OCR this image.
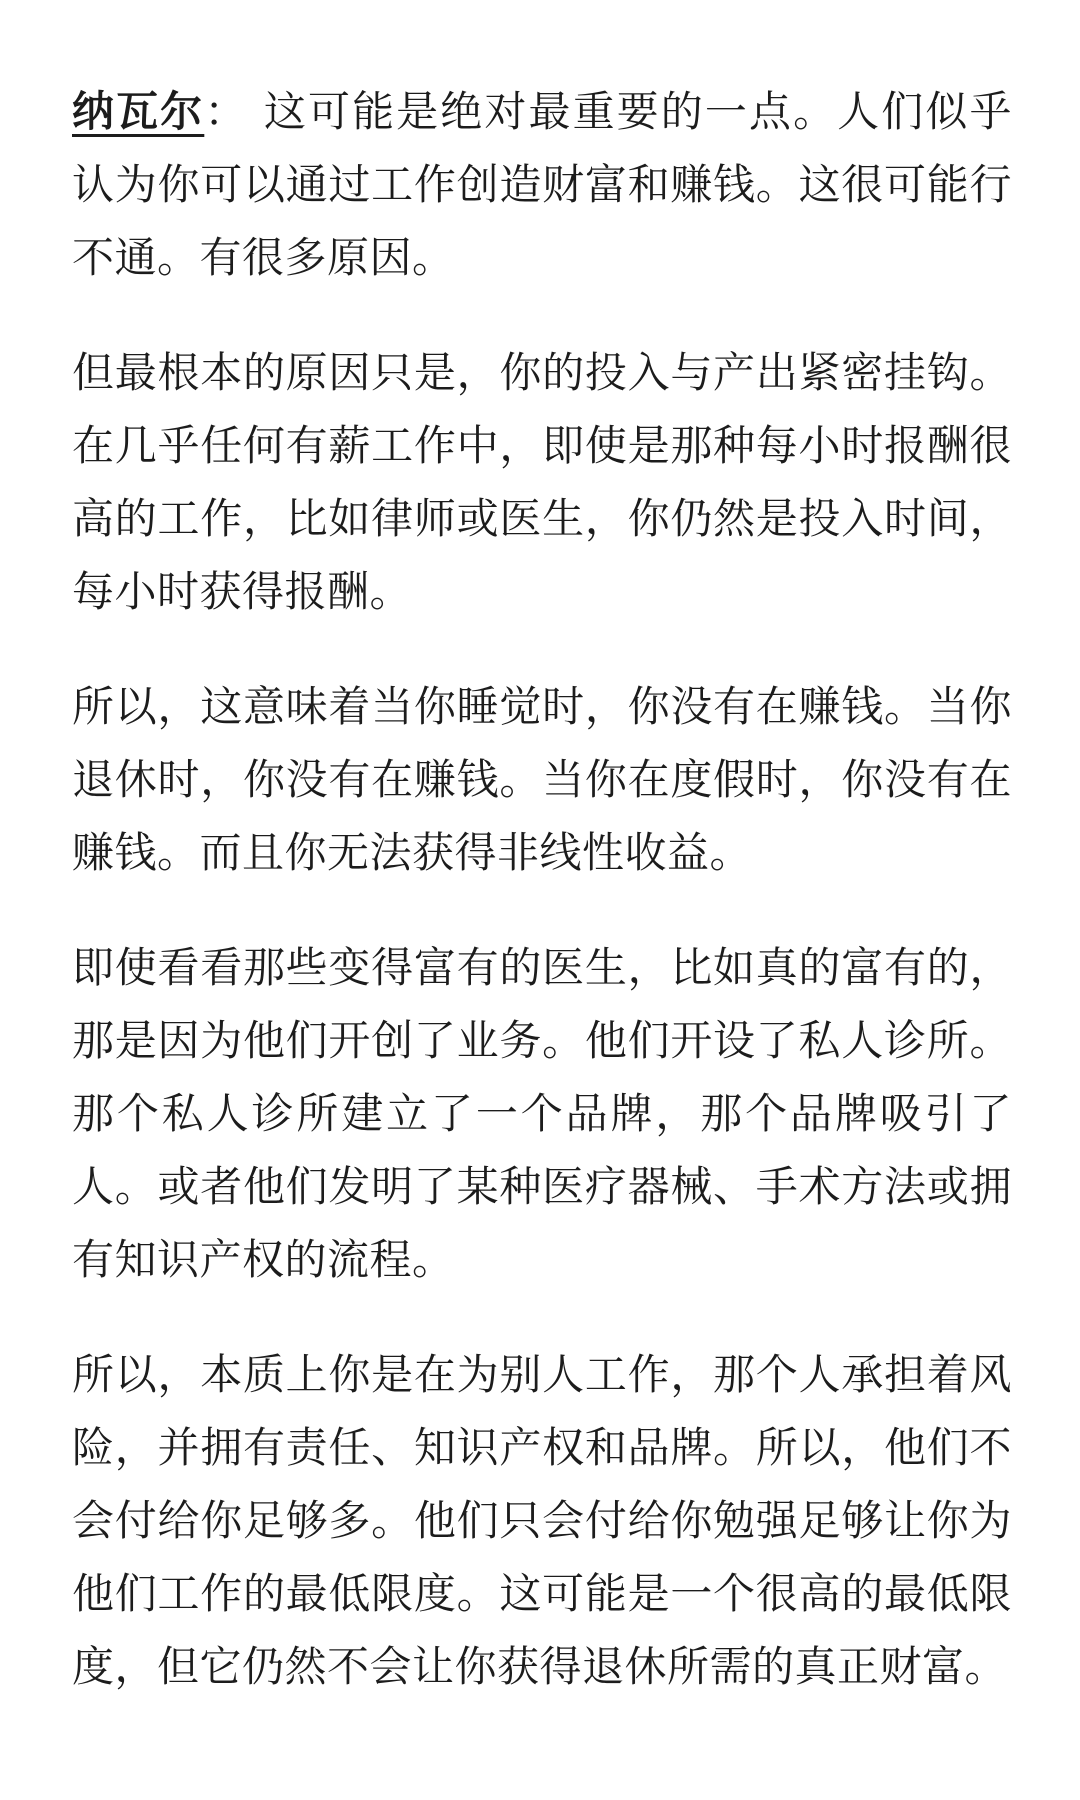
纳瓦尔： 这可能是绝对最重要的一点。人们似乎认为你可以通过工作创造财富和赚钱。这很可能行不通。有很多原因。

但最根本的原因只是，你的投入与产出紧密挂钩。在几乎任何有薪工作中，即使是那种每小时报酬很高的工作，比如律师或医生，你仍然是投入时间，每小时获得报酬。

所以，这意味着当你睡觉时，你没有在赚钱。当你退休时，你没有在赚钱。当你在度假时，你没有在赚钱。而且你无法获得非线性收益。

即使看看那些变得富有的医生，比如真的富有的，那是因为他们开创了业务。他们开设了私人诊所。那个私人诊所建立了一个品牌，那个品牌吸引了人。或者他们发明了某种医疗器械、手术方法或拥有知识产权的流程。

所以，本质上你是在为别人工作，那个人承担着风险，并拥有责任、知识产权和品牌。所以，他们不会付给你足够多。他们只会付给你勉强足够让你为他们工作的最低限度。这可能是一个很高的最低限度，但它仍然不会让你获得退休所需的真正财富。
